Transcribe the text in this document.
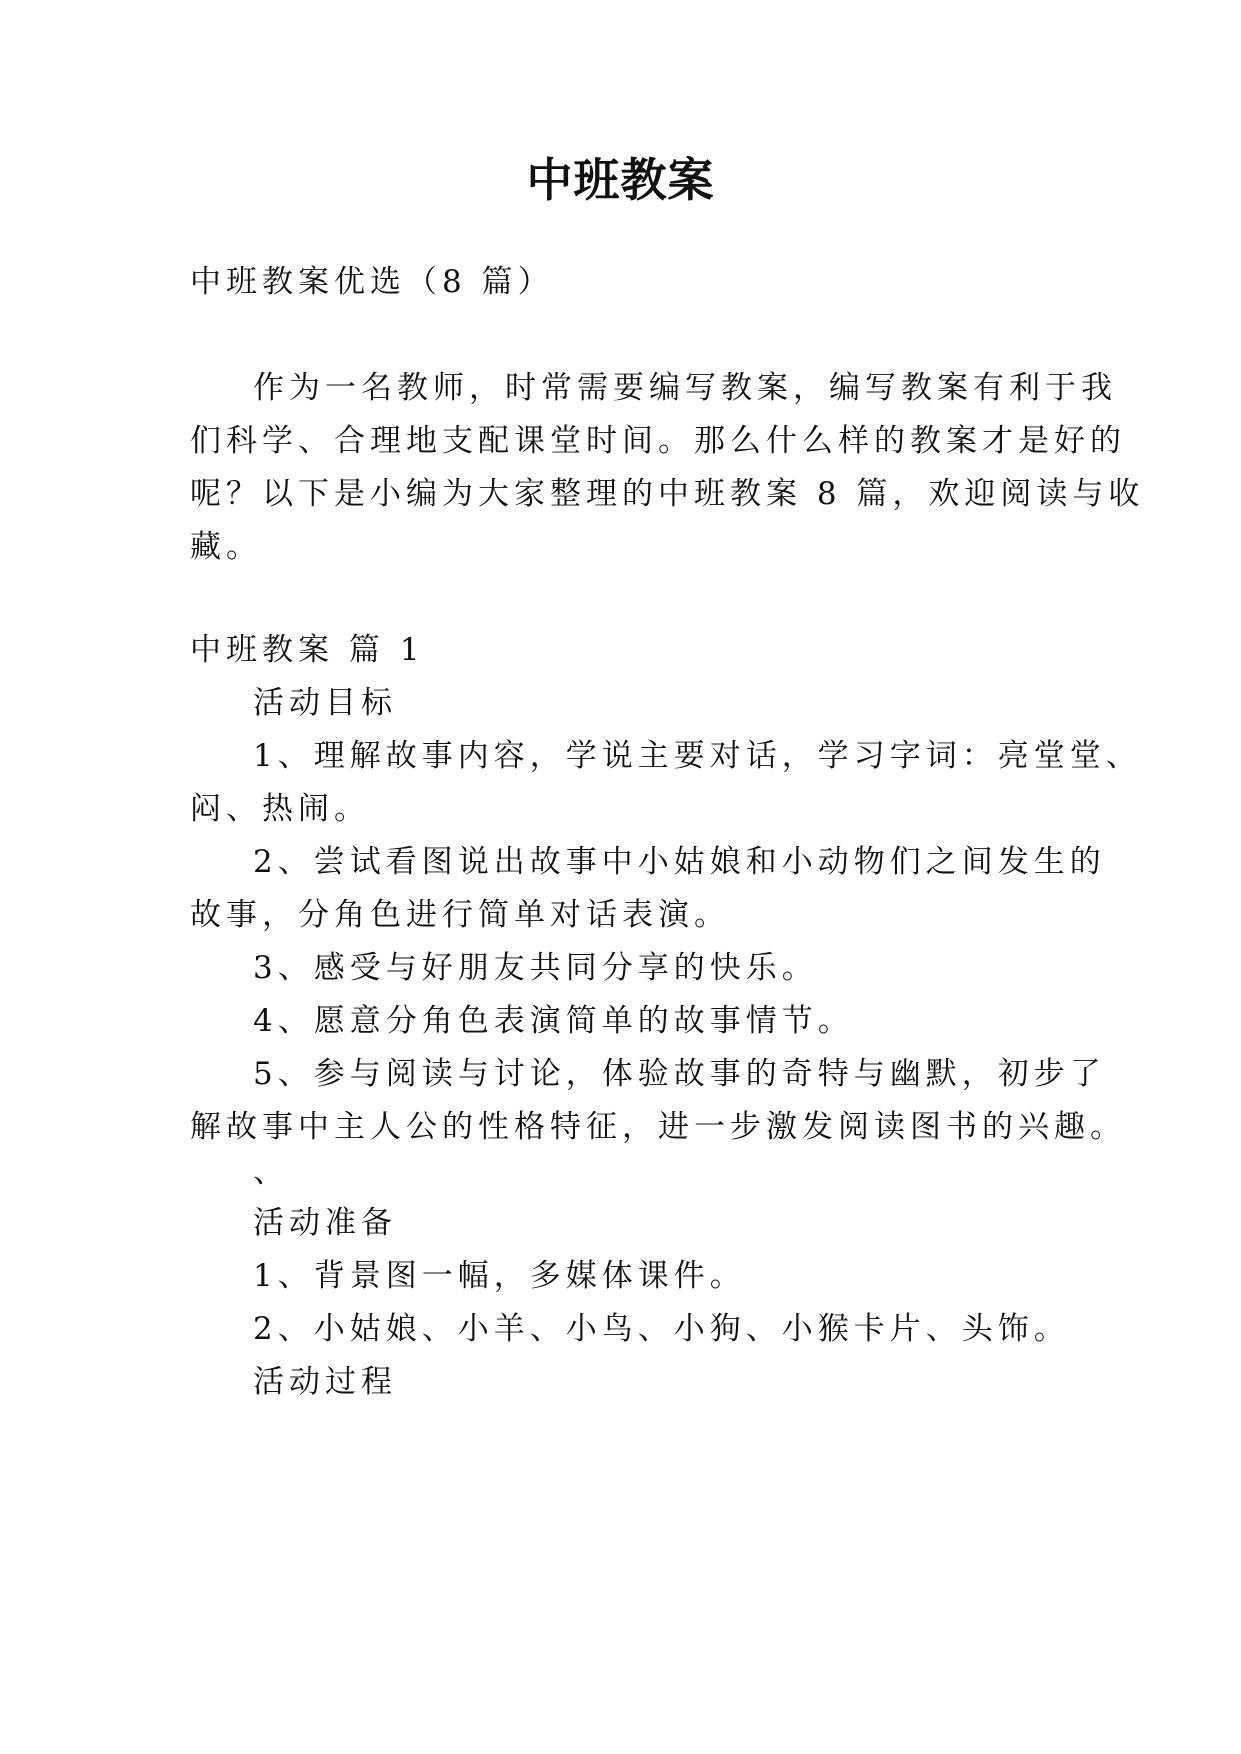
中班教案
中班教案优选（8 篇）
作为一名教师，时常需要编写教案，编写教案有利于我
们科学、合理地支配课堂时间。那么什么样的教案才是好的
呢？以下是小编为大家整理的中班教案 8 篇，欢迎阅读与收
藏。
中班教案 篇 1
活动目标
1、理解故事内容，学说主要对话，学习字词：亮堂堂、
闷、热闹。
2、尝试看图说出故事中小姑娘和小动物们之间发生的
故事，分角色进行简单对话表演。
3、感受与好朋友共同分享的快乐。
4、愿意分角色表演简单的故事情节。
5、参与阅读与讨论，体验故事的奇特与幽默，初步了
解故事中主人公的性格特征，进一步激发阅读图书的兴趣。
、
活动准备
1、背景图一幅，多媒体课件。
2、小姑娘、小羊、小鸟、小狗、小猴卡片、头饰。
活动过程
